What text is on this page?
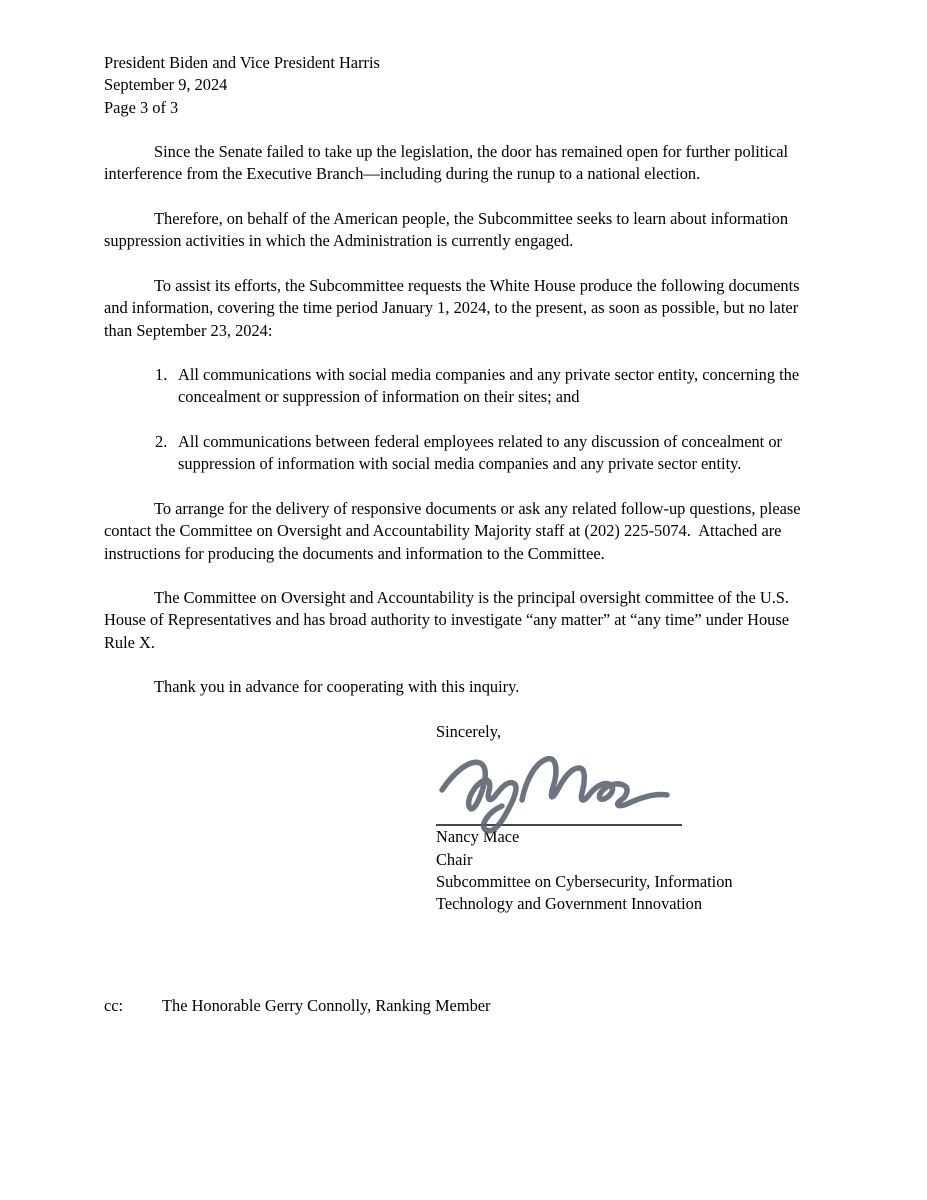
President Biden and Vice President Harris
September 9, 2024
Page 3 of 3

Since the Senate failed to take up the legislation, the door has remained open for further political interference from the Executive Branch—including during the runup to a national election.

Therefore, on behalf of the American people, the Subcommittee seeks to learn about information suppression activities in which the Administration is currently engaged.

To assist its efforts, the Subcommittee requests the White House produce the following documents and information, covering the time period January 1, 2024, to the present, as soon as possible, but no later than September 23, 2024:

1. All communications with social media companies and any private sector entity, concerning the concealment or suppression of information on their sites; and
2. All communications between federal employees related to any discussion of concealment or suppression of information with social media companies and any private sector entity.

To arrange for the delivery of responsive documents or ask any related follow-up questions, please contact the Committee on Oversight and Accountability Majority staff at (202) 225-5074.  Attached are instructions for producing the documents and information to the Committee.

The Committee on Oversight and Accountability is the principal oversight committee of the U.S. House of Representatives and has broad authority to investigate “any matter” at “any time” under House Rule X.

Thank you in advance for cooperating with this inquiry.

Sincerely,
Nancy Mace
Chair
Subcommittee on Cybersecurity, Information
Technology and Government Innovation
cc:	The Honorable Gerry Connolly, Ranking Member
